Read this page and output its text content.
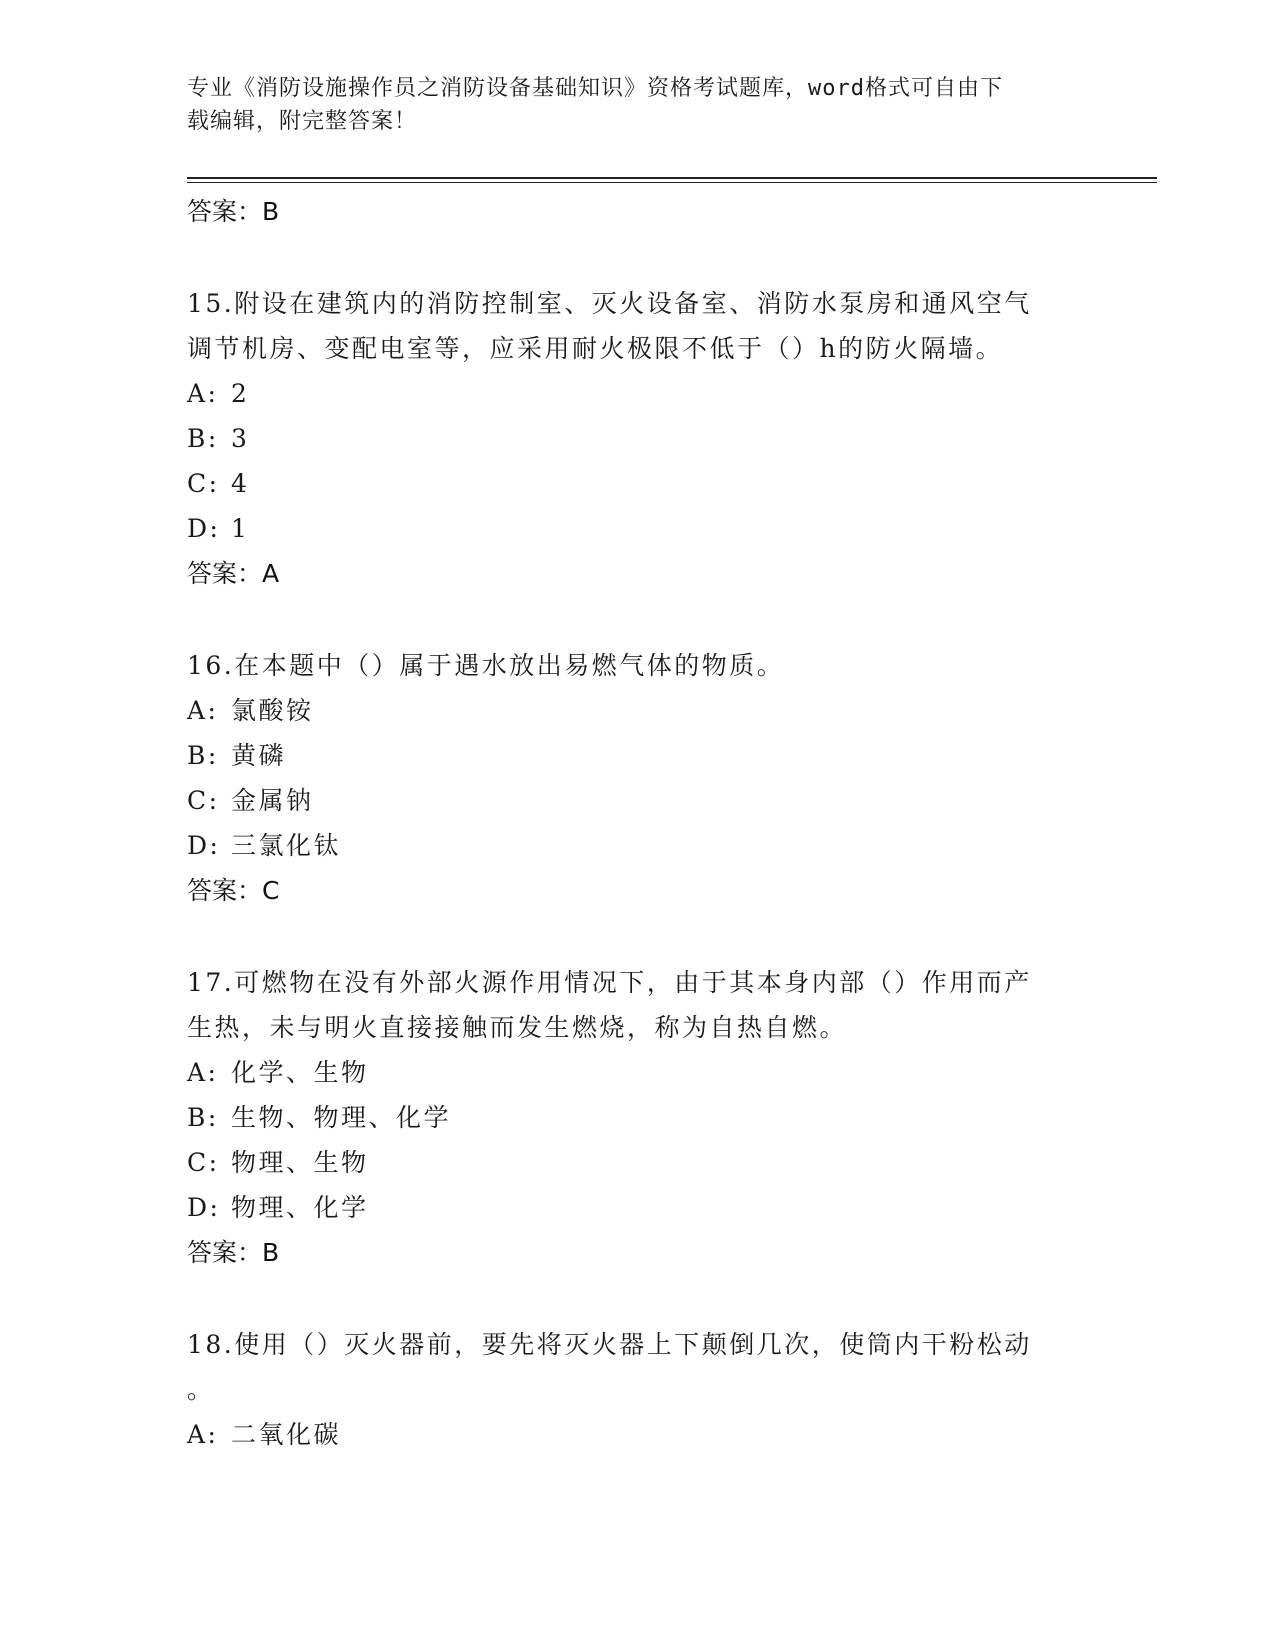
专业《消防设施操作员之消防设备基础知识》资格考试题库，word格式可自由下
载编辑，附完整答案！
答案：B
15.附设在建筑内的消防控制室、灭火设备室、消防水泵房和通风空气
调节机房、变配电室等，应采用耐火极限不低于（）h的防火隔墙。
A: 2
B: 3
C: 4
D: 1
答案：A
16.在本题中（）属于遇水放出易燃气体的物质。
A: 氯酸铵
B: 黄磷
C: 金属钠
D: 三氯化钛
答案：C
17.可燃物在没有外部火源作用情况下，由于其本身内部（）作用而产
生热，未与明火直接接触而发生燃烧，称为自热自燃。
A: 化学、生物
B: 生物、物理、化学
C: 物理、生物
D: 物理、化学
答案：B
18.使用（）灭火器前，要先将灭火器上下颠倒几次，使筒内干粉松动
。
A: 二氧化碳
